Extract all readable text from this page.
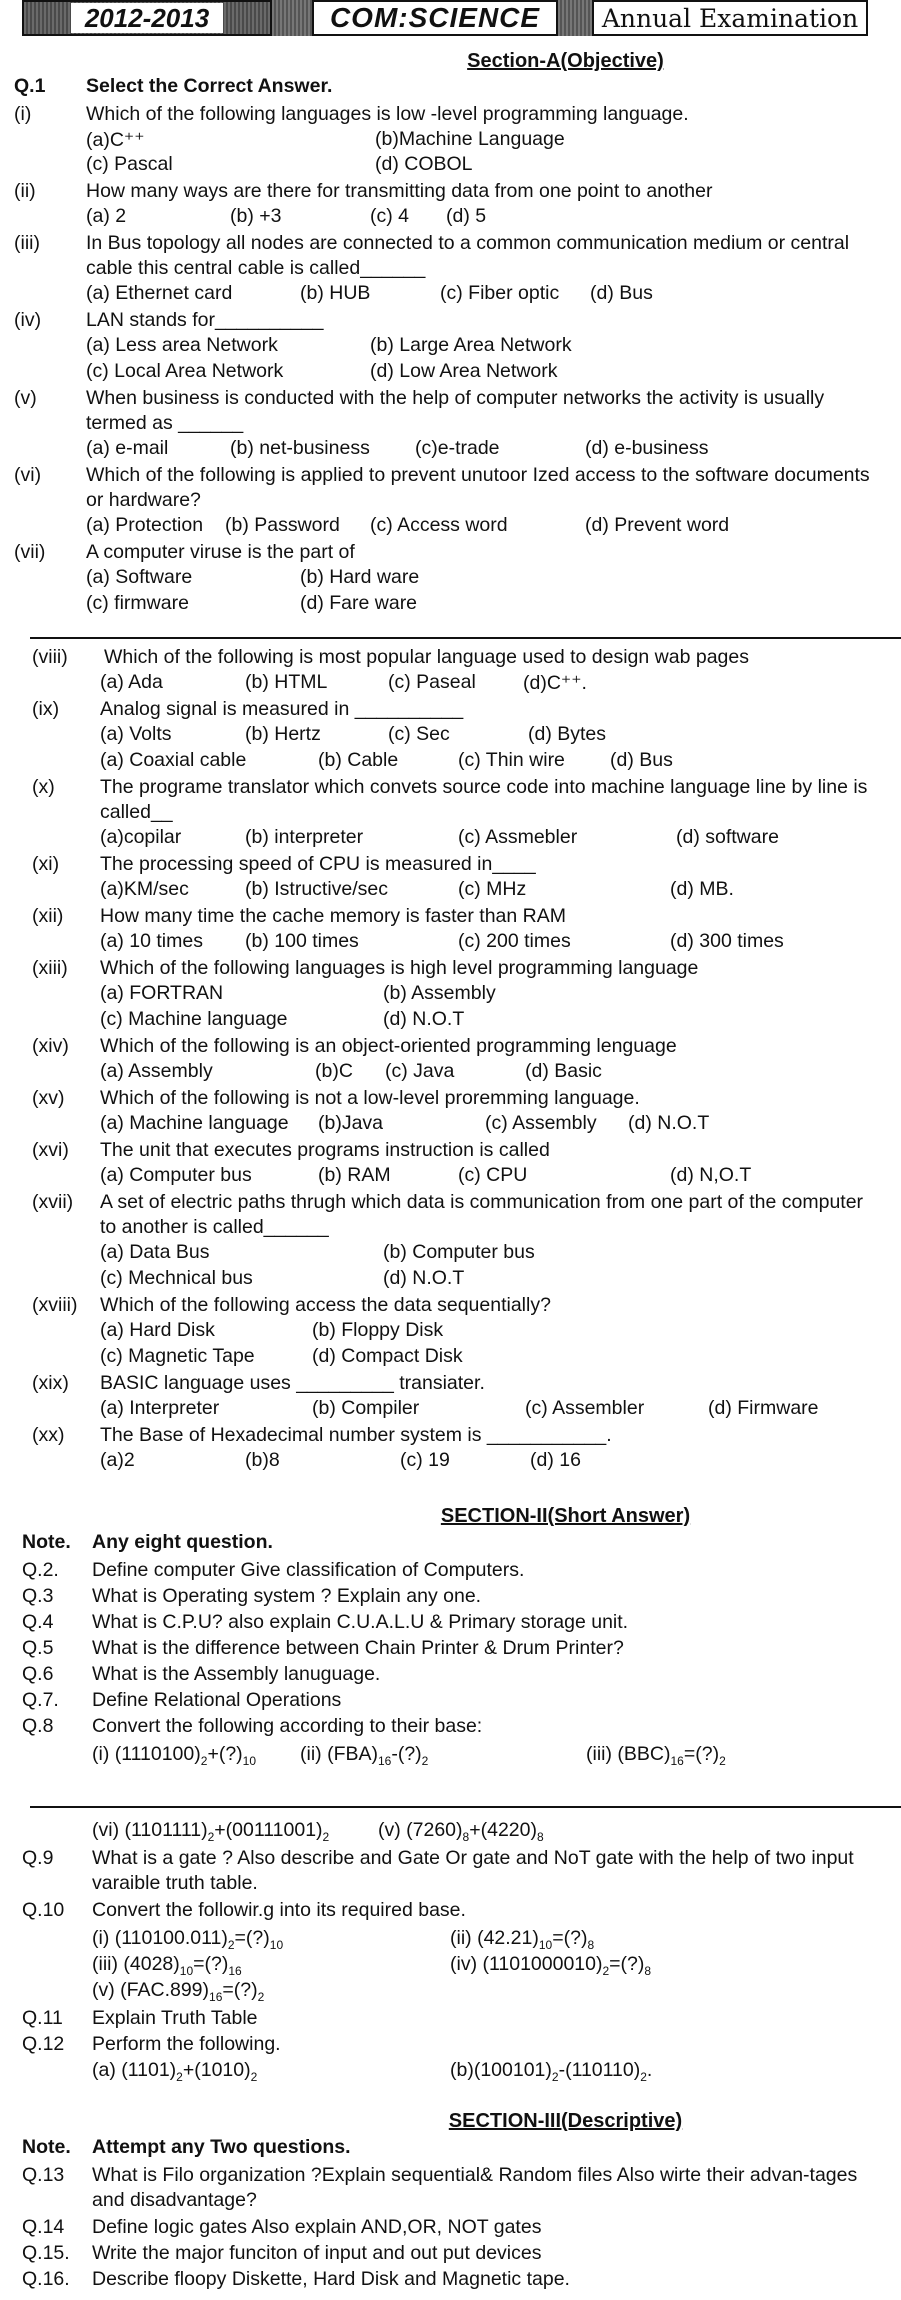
2012-2013	COM:SCIENCE Annual Examination
Section-A(Objective)
Q.1 Select the Correct Answer.
(i)	Which of the following languages is low -level programming language.
(a)C⁺⁺	(b)Machine Language
(c) Pascal	(d) COBOL
(ii)	How many ways are there for transmitting data from one point to another
(a) 2	(b) +3	(c) 4 (d) 5
(iii) In Bus topology all nodes are connected to a common communication medium or central cable this central cable is called______
(a) Ethernet card	(b) HUB	(c) Fiber optic (d) Bus
(iv) LAN stands for__________
(a) Less area Network	(b) Large Area Network
(c) Local Area Network	(d) Low Area Network
(v)	When business is conducted with the help of computer networks the activity is usually termed as ______
(a) e-mail	(b) net-business (c)e-trade	(d) e-business
(vi) Which of the following is applied to prevent unutoor Ized access to the software documents or hardware?
(a) Protection (b) Password (c) Access word	(d) Prevent word
(vii) A computer viruse is the part of
(a) Software	(b) Hard ware
(c) firmware	(d) Fare ware
(viii) Which of the following is most popular language used to design wab pages
(a) Ada	(b) HTML	(c) Paseal (d)C⁺⁺.
(ix) Analog signal is measured in __________
(a) Volts	(b) Hertz	(c) Sec	(d) Bytes
(a) Coaxial cable	(b) Cable	(c) Thin wire (d) Bus
(x) The programe translator which convets source code into machine language line by line is called__
(a)copilar	(b) interpreter	(c) Assmebler	(d) software
(xi) The processing speed of CPU is measured in____
(a)KM/sec	(b) Istructive/sec	(c) MHz	(d) MB.
(xii) How many time the cache memory is faster than RAM
(a) 10 times (b) 100 times	(c) 200 times	(d) 300 times
(xiii) Which of the following languages is high level programming language
(a) FORTRAN	(b) Assembly
(c) Machine language	(d) N.O.T
(xiv) Which of the following is an object-oriented programming lenguage
(a) Assembly	(b)C (c) Java	(d) Basic
(xv) Which of the following is not a low-level proremming language.
(a) Machine language (b)Java	(c) Assembly (d) N.O.T
(xvi) The unit that executes programs instruction is called
(a) Computer bus	(b) RAM	(c) CPU	(d) N,O.T
(xvii) A set of electric paths thrugh which data is communication from one part of the computer to another is called______
(a) Data Bus	(b) Computer bus
(c) Mechnical bus	(d) N.O.T
(xviii) Which of the following access the data sequentially?
(a) Hard Disk	(b) Floppy Disk
(c) Magnetic Tape	(d) Compact Disk
(xix) BASIC language uses _________ transiater.
(a) Interpreter	(b) Compiler	(c) Assembler	(d) Firmware
(xx) The Base of Hexadecimal number system is ___________.
(a)2	(b)8	(c) 19	(d) 16
SECTION-II(Short Answer)
Note. Any eight question.
Q.2. Define computer Give classification of Computers.
Q.3 What is Operating system ? Explain any one.
Q.4 What is C.P.U? also explain C.U.A.L.U & Primary storage unit.
Q.5 What is the difference between Chain Printer & Drum Printer?
Q.6 What is the Assembly lanuguage.
Q.7. Define Relational Operations
Q.8 Convert the following according to their base:
(i) $(1110100)_2+(?)_{10}$ (ii) $(FBA)_{16}-(?)_2$	(iii) $(BBC)_{16}=(?)_2$
(vi) $(1101111)_2+(00111001)_2$	(v) $(7260)_8+(4220)_8$
Q.9 What is a gate ? Also describe and Gate Or gate and NoT gate with the help of two input varaible truth table.
Q.10 Convert the followir.g into its required base.
(i) $(110100.011)_2=(?)_{10}$	(ii) $(42.21)_{10}=(?)_8$
(iii) $(4028)_{10}=(?)_{16}$	(iv) $(1101000010)_2=(?)_8$
(v) $(FAC.899)_{16}=(?)_2$
Q.11 Explain Truth Table
Q.12 Perform the following.
(a) $(1101)_2+(1010)_2$	$(b)(100101)_2-(110110)_2$.
SECTION-III(Descriptive)
Note. Attempt any Two questions.
Q.13 What is Filo organization ?Explain sequential& Random files Also wirte their advan-tages and disadvantage?
Q.14 Define logic gates Also explain AND,OR, NOT gates
Q.15. Write the major funciton of input and out put devices
Q.16. Describe floopy Diskette, Hard Disk and Magnetic tape.
